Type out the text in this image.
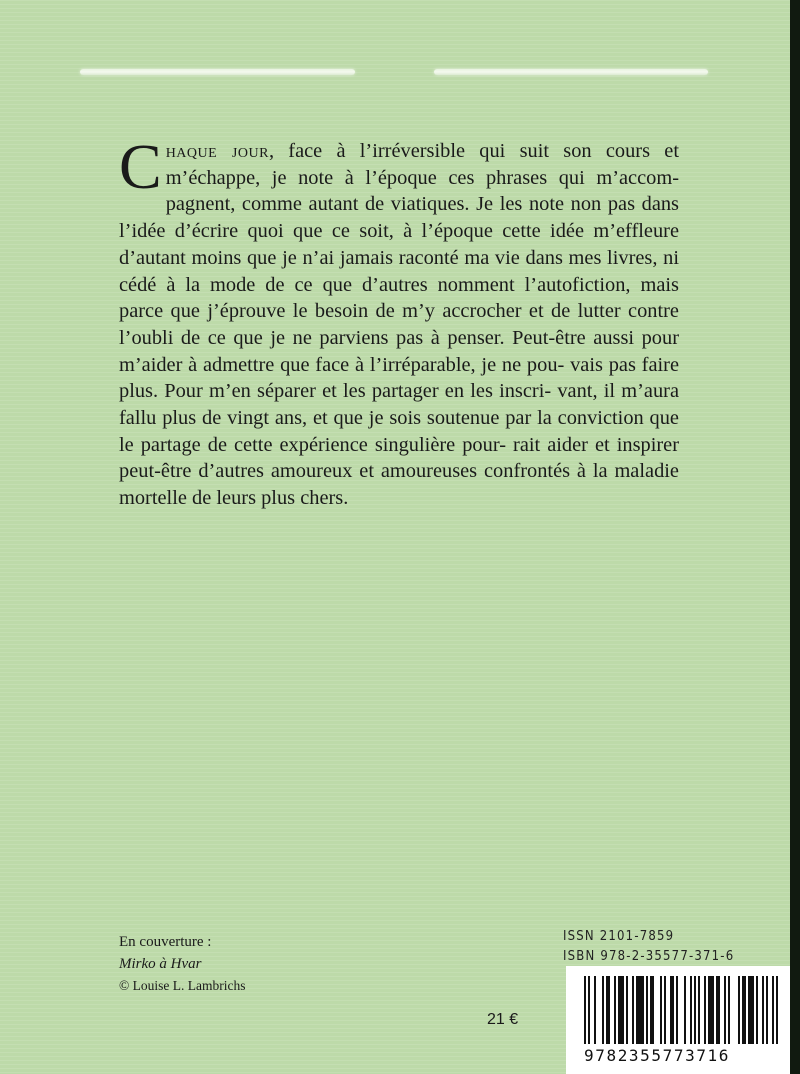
Chaque jour, face à l’irréversible qui suit son cours et m’échappe, je note à l’époque ces phrases qui m’accom- pagnent, comme autant de viatiques. Je les note non pas dans l’idée d’écrire quoi que ce soit, à l’époque cette idée m’effleure d’autant moins que je n’ai jamais raconté ma vie dans mes livres, ni cédé à la mode de ce que d’autres nomment l’autofiction, mais parce que j’éprouve le besoin de m’y accrocher et de lutter contre l’oubli de ce que je ne parviens pas à penser. Peut-être aussi pour m’aider à admettre que face à l’irréparable, je ne pou- vais pas faire plus. Pour m’en séparer et les partager en les inscri- vant, il m’aura fallu plus de vingt ans, et que je sois soutenue par la conviction que le partage de cette expérience singulière pour- rait aider et inspirer peut-être d’autres amoureux et amoureuses confrontés à la maladie mortelle de leurs plus chers.
En couverture :
Mirko à Hvar
© Louise L. Lambrichs
21 €
ISSN 2101-7859
ISBN 978-2-35577-371-6
9782355773716
